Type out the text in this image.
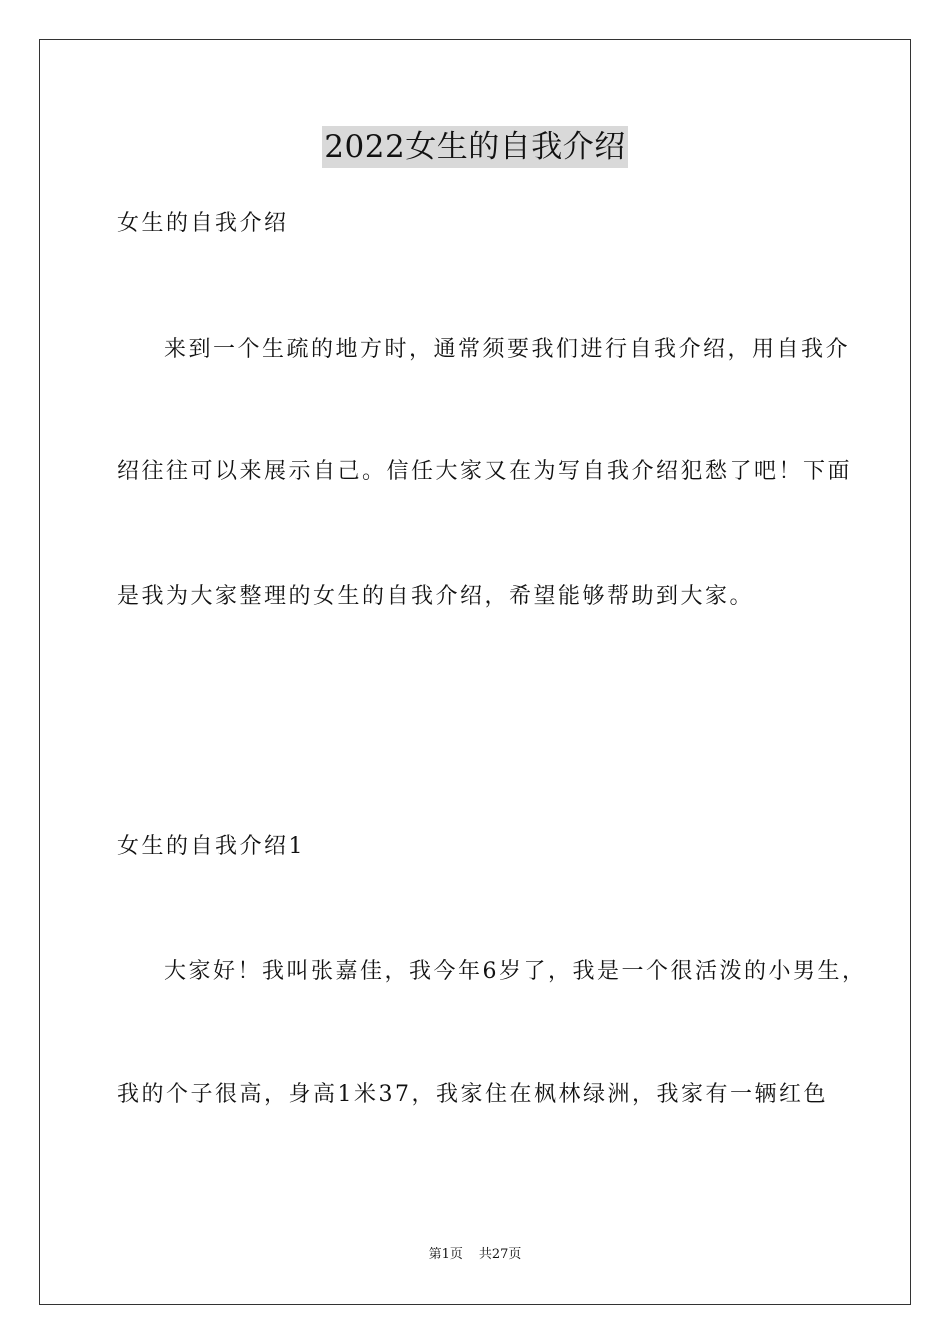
2022女生的自我介绍
女生的自我介绍
来到一个生疏的地方时，通常须要我们进行自我介绍，用自我介
绍往往可以来展示自己。信任大家又在为写自我介绍犯愁了吧！下面
是我为大家整理的女生的自我介绍，希望能够帮助到大家。
女生的自我介绍1
大家好！我叫张嘉佳，我今年6岁了，我是一个很活泼的小男生，
我的个子很高，身高1米37，我家住在枫林绿洲，我家有一辆红色
第1页 共27页
